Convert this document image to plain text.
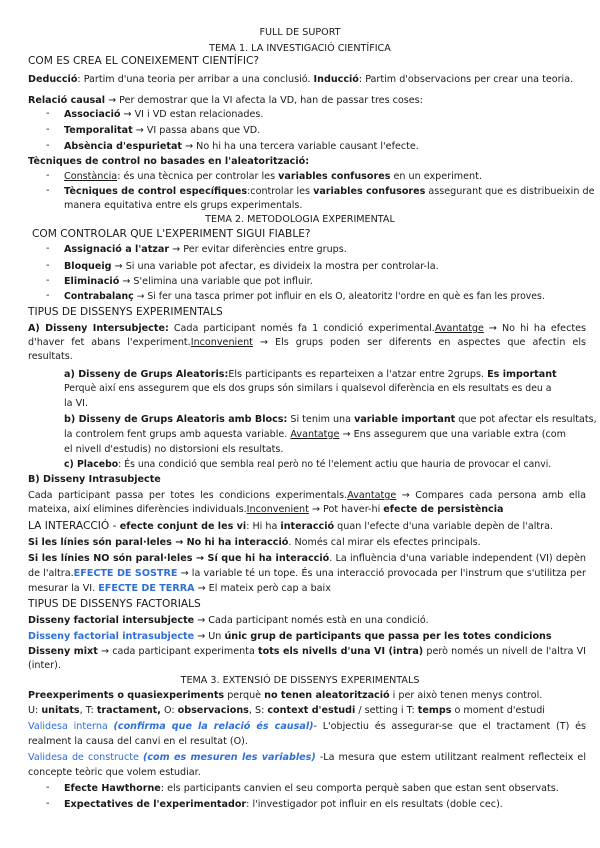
FULL DE SUPORT
TEMA 1. LA INVESTIGACIÓ CIENTÍFICA
COM ES CREA EL CONEIXEMENT CIENTÍFIC?
Deducció: Partim d'una teoria per arribar a una conclusió. Inducció: Partim d'observacions per crear una teoria.
Relació causal → Per demostrar que la VI afecta la VD, han de passar tres coses:
- Associació → VI i VD estan relacionades.
- Temporalitat → VI passa abans que VD.
- Absència d'espurietat → No hi ha una tercera variable causant l'efecte.
Tècniques de control no basades en l'aleatorització:
- Constància: és una tècnica per controlar les variables confusores en un experiment.
- Tècniques de control específiques:controlar les variables confusores assegurant que es distribueixin de
manera equitativa entre els grups experimentals.
TEMA 2. METODOLOGIA EXPERIMENTAL
COM CONTROLAR QUE L'EXPERIMENT SIGUI FIABLE?
- Assignació a l'atzar → Per evitar diferències entre grups.
- Bloqueig → Si una variable pot afectar, es divideix la mostra per controlar-la.
- Eliminació → S'elimina una variable que pot influir.
- Contrabalanç → Si fer una tasca primer pot influir en els O, aleatoritz l'ordre en què es fan les proves.
TIPUS DE DISSENYS EXPERIMENTALS
A) Disseny Intersubjecte: Cada participant només fa 1 condició experimental.Avantatge → No hi ha efectes
d'haver fet abans l'experiment.Inconvenient → Els grups poden ser diferents en aspectes que afectin els
resultats.
a) Disseny de Grups Aleatoris:Els participants es reparteixen a l'atzar entre 2grups. Es important
Perquè així ens assegurem que els dos grups són similars i qualsevol diferència en els resultats es deu a
la VI.
b) Disseny de Grups Aleatoris amb Blocs: Si tenim una variable important que pot afectar els resultats,
la controlem fent grups amb aquesta variable. Avantatge → Ens assegurem que una variable extra (com
el nivell d'estudis) no distorsioni els resultats.
c) Placebo: És una condició que sembla real però no té l'element actiu que hauria de provocar el canvi.
B) Disseny Intrasubjecte
Cada participant passa per totes les condicions experimentals.Avantatge → Compares cada persona amb ella
mateixa, així elimines diferències individuals.Inconvenient → Pot haver-hi efecte de persistència
LA INTERACCIÓ - efecte conjunt de les vi: Hi ha interacció quan l'efecte d'una variable depèn de l'altra.
Si les línies són paral·leles → No hi ha interacció. Només cal mirar els efectes principals.
Si les línies NO són paral·leles → Sí que hi ha interacció. La influència d'una variable independent (VI) depèn
de l'altra.EFECTE DE SOSTRE → la variable té un tope. És una interacció provocada per l'instrum que s'utilitza per
mesurar la VI. EFECTE DE TERRA → El mateix però cap a baix
TIPUS DE DISSENYS FACTORIALS
Disseny factorial intersubjecte → Cada participant només està en una condició.
Disseny factorial intrasubjecte → Un únic grup de participants que passa per les totes condicions
Disseny mixt → cada participant experimenta tots els nivells d'una VI (intra) però només un nivell de l'altra VI
(inter).
TEMA 3. EXTENSIÓ DE DISSENYS EXPERIMENTALS
Preexperiments o quasiexperiments perquè no tenen aleatorització i per això tenen menys control.
U: unitats, T: tractament, O: observacions, S: context d'estudi / setting i T: temps o moment d'estudi
Validesa interna (confirma que la relació és causal)- L'objectiu és assegurar-se que el tractament (T) és
realment la causa del canvi en el resultat (O).
Validesa de constructe (com es mesuren les variables) -La mesura que estem utilitzant realment reflecteix el
concepte teòric que volem estudiar.
- Efecte Hawthorne: els participants canvien el seu comporta perquè saben que estan sent observats.
- Expectatives de l'experimentador: l'investigador pot influir en els resultats (doble cec).
